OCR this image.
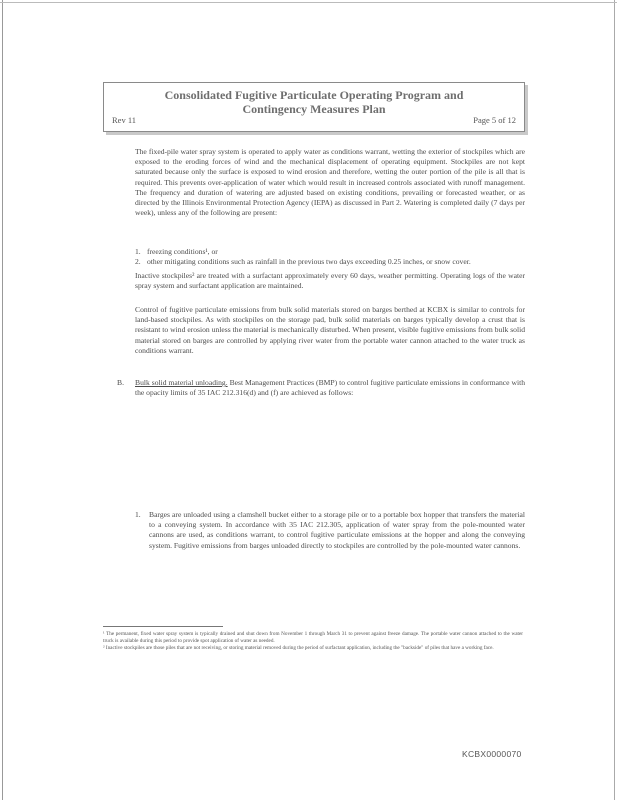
Consolidated Fugitive Particulate Operating Program and
Contingency Measures Plan
Rev 11	Page 5 of 12

The fixed-pile water spray system is operated to apply water as conditions warrant, wetting the exterior of stockpiles which are exposed to the eroding forces of wind and the mechanical displacement of operating equipment. Stockpiles are not kept saturated because only the surface is exposed to wind erosion and therefore, wetting the outer portion of the pile is all that is required. This prevents over-application of water which would result in increased controls associated with runoff management. The frequency and duration of watering are adjusted based on existing conditions, prevailing or forecasted weather, or as directed by the Illinois Environmental Protection Agency (IEPA) as discussed in Part 2. Watering is completed daily (7 days per week), unless any of the following are present:

1. freezing conditions¹, or
2. other mitigating conditions such as rainfall in the previous two days exceeding 0.25 inches, or snow cover.

Inactive stockpiles² are treated with a surfactant approximately every 60 days, weather permitting. Operating logs of the water spray system and surfactant application are maintained.

Control of fugitive particulate emissions from bulk solid materials stored on barges berthed at KCBX is similar to controls for land-based stockpiles. As with stockpiles on the storage pad, bulk solid materials on barges typically develop a crust that is resistant to wind erosion unless the material is mechanically disturbed. When present, visible fugitive emissions from bulk solid material stored on barges are controlled by applying river water from the portable water cannon attached to the water truck as conditions warrant.

B. Bulk solid material unloading. Best Management Practices (BMP) to control fugitive particulate emissions in conformance with the opacity limits of 35 IAC 212.316(d) and (f) are achieved as follows:
1. Barges are unloaded using a clamshell bucket either to a storage pile or to a portable box hopper that transfers the material to a conveying system. In accordance with 35 IAC 212.305, application of water spray from the pole-mounted water cannons are used, as conditions warrant, to control fugitive particulate emissions at the hopper and along the conveying system. Fugitive emissions from barges unloaded directly to stockpiles are controlled by the pole-mounted water cannons.

¹ The permanent, fixed water spray system is typically drained and shut down from November 1 through March 31 to prevent against freeze damage. The portable water cannon attached to the water truck is available during this period to provide spot application of water as needed.

² Inactive stockpiles are those piles that are not receiving, or storing material removed during the period of surfactant application, including the "backside" of piles that have a working face.

KCBX0000070
